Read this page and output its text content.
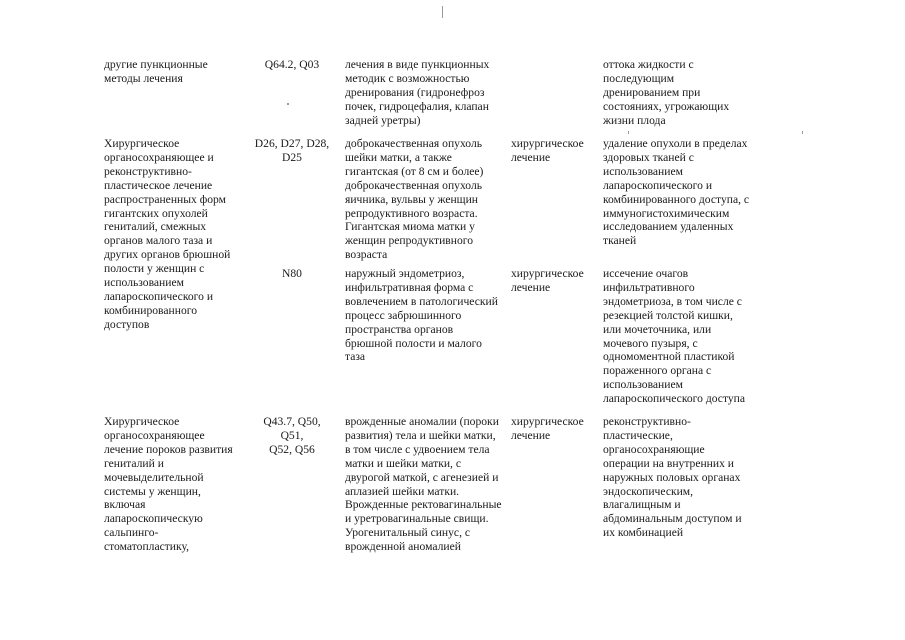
другие пункционные
методы лечения
Q64.2, Q03	лечения в виде пункционных
методик с возможностью
дренирования (гидронефроз
почек, гидроцефалия, клапан
задней уретры)
оттока жидкости с
последующим
дренированием при
состояниях, угрожающих
жизни плода
Хирургическое
органосохраняющее и
реконструктивно-
пластическое лечение
распространенных форм
гигантских опухолей
гениталий, смежных
органов малого таза и
других органов брюшной
полости у женщин с
использованием
лапароскопического и
комбинированного
доступов
D26, D27, D28,
D25
доброкачественная опухоль
шейки матки, а также
гигантская (от 8 см и более)
доброкачественная опухоль
яичника, вульвы у женщин
репродуктивного возраста.
Гигантская миома матки у
женщин репродуктивного
возраста
хирургическое
лечение
удаление опухоли в пределах
здоровых тканей с
использованием
лапароскопического и
комбинированного доступа, с
иммуногистохимическим
исследованием удаленных
тканей
N80	наружный эндометриоз,
инфильтративная форма с
вовлечением в патологический
процесс забрюшинного
пространства органов
брюшной полости и малого
таза
хирургическое
лечение
иссечение очагов
инфильтративного
эндометриоза, в том числе с
резекцией толстой кишки,
или мочеточника, или
мочевого пузыря, с
одномоментной пластикой
пораженного органа с
использованием
лапароскопического доступа
Хирургическое
органосохраняющее
лечение пороков развития
гениталий и
мочевыделительной
системы у женщин,
включая
лапароскопическую
сальпинго-
стоматопластику,
Q43.7, Q50, Q51,
Q52, Q56
врожденные аномалии (пороки
развития) тела и шейки матки,
в том числе с удвоением тела
матки и шейки матки, с
двурогой маткой, с агенезией и
аплазией шейки матки.
Врожденные ректовагинальные
и уретровагинальные свищи.
Урогенитальный синус, с
врожденной аномалией
хирургическое
лечение
реконструктивно-
пластические,
органосохраняющие
операции на внутренних и
наружных половых органах
эндоскопическим,
влагалищным и
абдоминальным доступом и
их комбинацией
